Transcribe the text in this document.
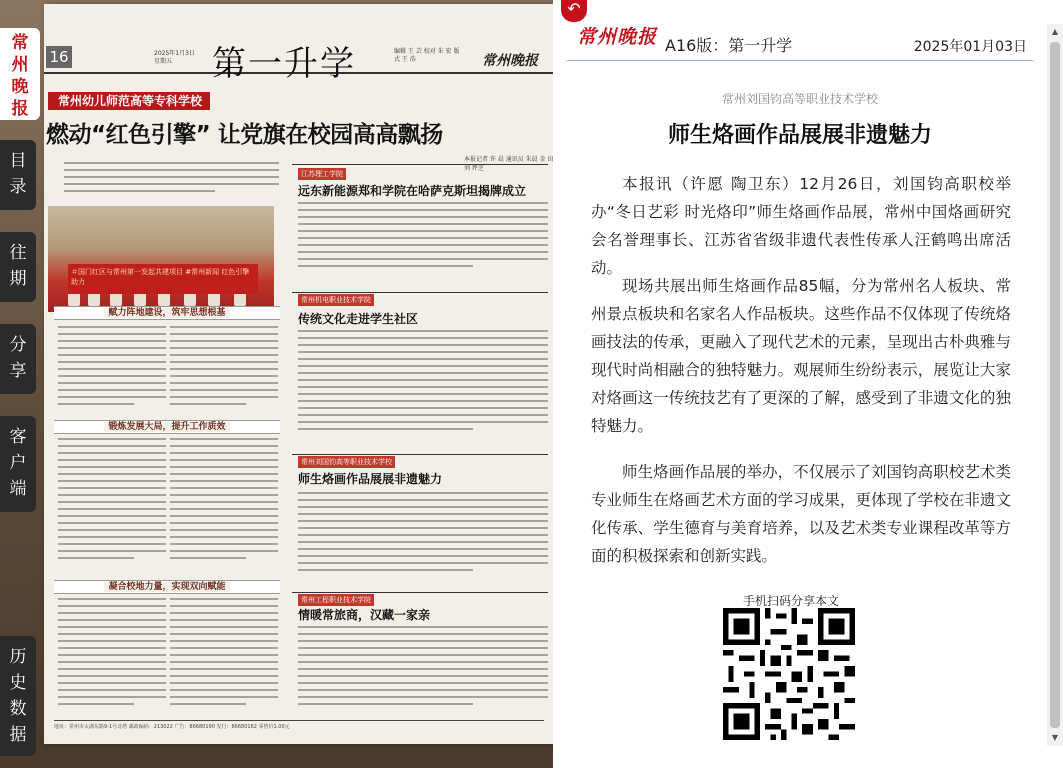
常
州
晚
报
目
录
往
期
分
享
客
户
端
历
史
数
据
16	2025年1月3日 星期五	第一升学	编辑 王 芸 校对 朱 宏 版式 王 浩	常州晚报
常州幼儿师范高等专科学校
燃动“红色引擎” 让党旗在校园高高飘扬
本报记者 许 晨 通讯员 朱晨 金 田 刘 坪芝
＃国门红区与常州第一发起共建项目 #常州新闻 红色引擎助力
赋力阵地建设，筑牢思想根基
锻炼发展大局，提升工作质效
凝合校地力量，实现双向赋能
江苏理工学院
远东新能源郑和学院在哈萨克斯坦揭牌成立
常州机电职业技术学院
传统文化走进学生社区
常州刘国钧高等职业技术学校
师生烙画作品展展非遗魅力
常州工程职业技术学院
情暖常旅商，汉藏一家亲
地址：常州市太湖东路9-1号北塔 邮政编码：213022 广告：86680190 发行：86680162 零售价1.00元
↶
常州晚报 A16版：第一升学	2025年01月03日
常州刘国钧高等职业技术学校
师生烙画作品展展非遗魅力

本报讯（许愿 陶卫东）12月26日，刘国钧高职校举办“冬日艺彩 时光烙印”师生烙画作品展，常州中国烙画研究会名誉理事长、江苏省省级非遗代表性传承人汪鹤鸣出席活动。

现场共展出师生烙画作品85幅，分为常州名人板块、常州景点板块和名家名人作品板块。这些作品不仅体现了传统烙画技法的传承，更融入了现代艺术的元素，呈现出古朴典雅与现代时尚相融合的独特魅力。观展师生纷纷表示，展览让大家对烙画这一传统技艺有了更深的了解，感受到了非遗文化的独特魅力。

师生烙画作品展的举办，不仅展示了刘国钧高职校艺术类专业师生在烙画艺术方面的学习成果，更体现了学校在非遗文化传承、学生德育与美育培养，以及艺术类专业课程改革等方面的积极探索和创新实践。

手机扫码分享本文
▲
▼
